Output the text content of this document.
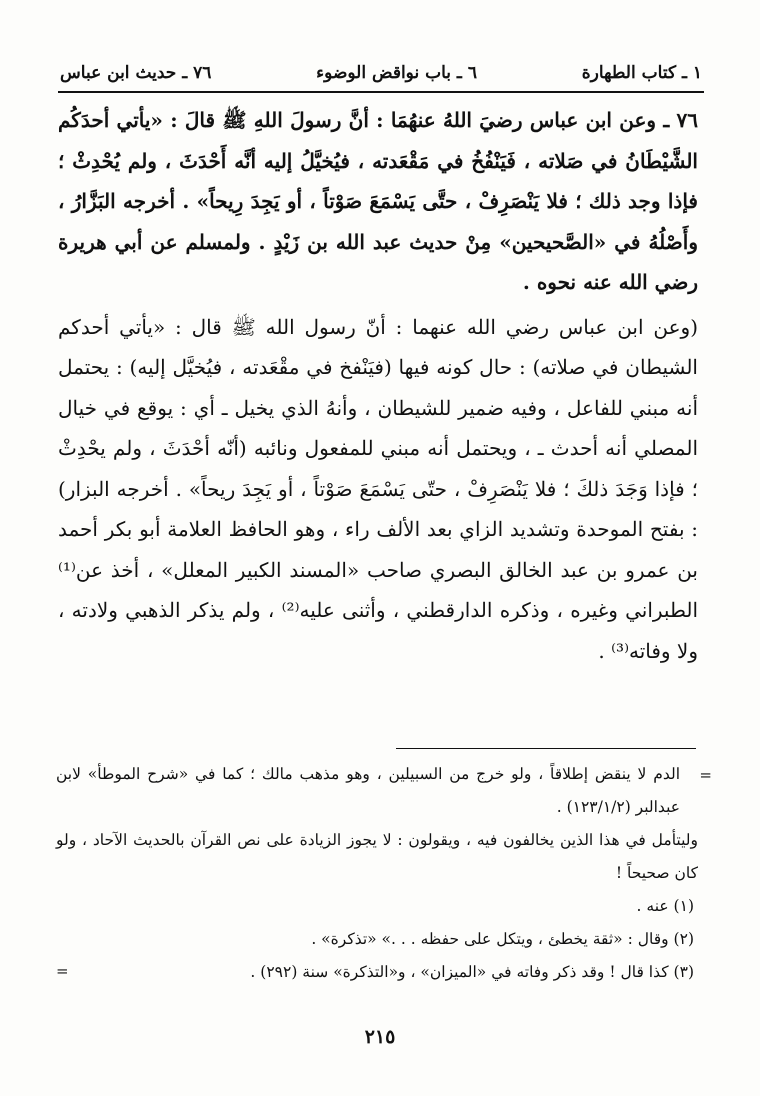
١ ـ كتاب الطهارة
٦ ـ باب نواقض الوضوء
٧٦ ـ حديث ابن عباس

٧٦ ـ وعن ابن عباس رضيَ اللهُ عنهُمَا : أنَّ رسولَ اللهِ ﷺ قالَ : «يأتي أحدَكُم الشَّيْطَانُ في صَلاته ، فَيَنْفُخُ في مَقْعَدته ، فيُخيَّلُ إليه أنَّه أَحْدَثَ ، ولم يُحْدِثْ ؛ فإذا وجد ذلك ؛ فلا يَنْصَرِفْ ، حتَّى يَسْمَعَ صَوْتاً ، أو يَجِدَ رِيحاً» . أخرجه البَزَّارُ ، وأَصْلُهُ في «الصَّحيحين» مِنْ حديث عبد الله بن زَيْدٍ . ولمسلم عن أبي هريرة رضي الله عنه نحوه .

(وعن ابن عباس رضي الله عنهما : أنّ رسول الله ﷺ قال : «يأتي أحدكم الشيطان في صلاته) : حال كونه فيها (فيَنْفخ في مقْعَدته ، فيُخيَّل إليه) : يحتمل أنه مبني للفاعل ، وفيه ضمير للشيطان ، وأنهُ الذي يخيل ـ أي : يوقع في خيال المصلي أنه أحدث ـ ، ويحتمل أنه مبني للمفعول ونائبه (أنّه أحْدَثَ ، ولم يحْدِثْ ؛ فإذا وَجَدَ ذلكَ ؛ فلا يَنْصَرِفْ ، حتّى يَسْمَعَ صَوْتاً ، أو يَجِدَ ريحاً» . أخرجه البزار) : بفتح الموحدة وتشديد الزاي بعد الألف راء ، وهو الحافظ العلامة أبو بكر أحمد بن عمرو بن عبد الخالق البصري صاحب «المسند الكبير المعلل» ، أخذ عن⁽¹⁾ الطبراني وغيره ، وذكره الدارقطني ، وأثنى عليه⁽²⁾ ، ولم يذكر الذهبي ولادته ، ولا وفاته⁽³⁾ .

=

الدم لا ينقض إطلاقاً ، ولو خرج من السبيلين ، وهو مذهب مالك ؛ كما في «شرح الموطأ» لابن عبدالبر (١٢٣/١/٢) .

وليتأمل في هذا الذين يخالفون فيه ، ويقولون : لا يجوز الزيادة على نص القرآن بالحديث الآحاد ، ولو كان صحيحاً !

(١) عنه .

(٢) وقال : «ثقة يخطئ ، ويتكل على حفظه . . .» «تذكرة» .

(٣) كذا قال ! وقد ذكر وفاته في «الميزان» ، و«التذكرة» سنة (٢٩٢) .

=
٢١٥
